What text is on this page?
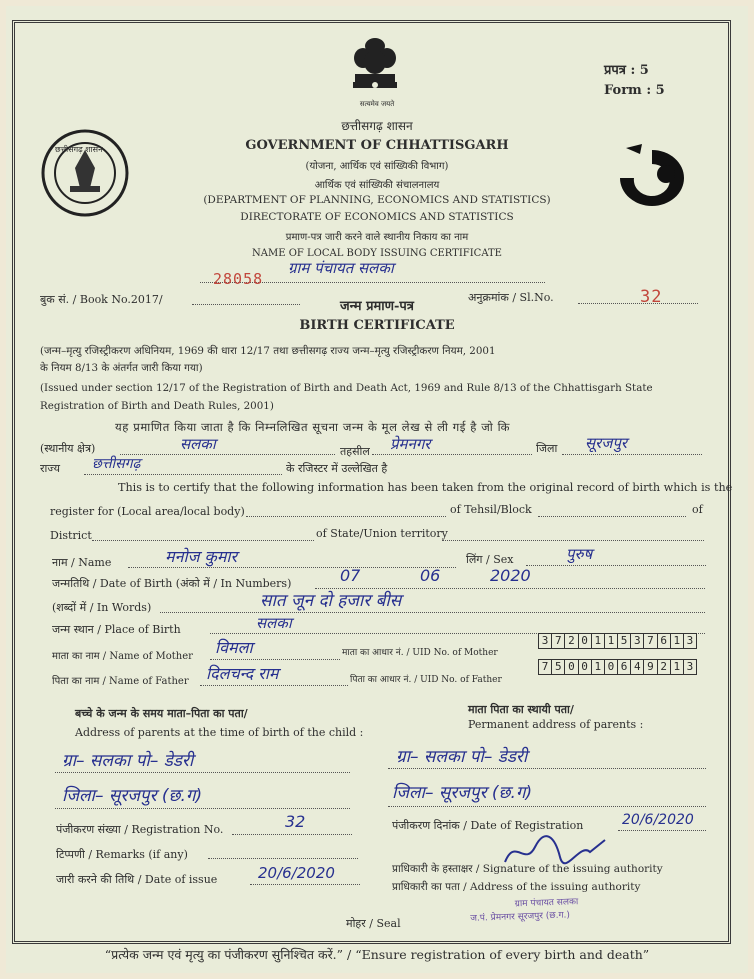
सत्यमेव जयते
प्रपत्र : 5
Form : 5
छत्तीसगढ़ शासन
छत्तीसगढ़ शासन
GOVERNMENT OF CHHATTISGARH
(योजना, आर्थिक एवं सांख्यिकी विभाग)
आर्थिक एवं सांख्यिकी संचालनालय
(DEPARTMENT OF PLANNING, ECONOMICS AND STATISTICS)
DIRECTORATE OF ECONOMICS AND STATISTICS
प्रमाण-पत्र जारी करने वाले स्थानीय निकाय का नाम
NAME OF LOCAL BODY ISSUING CERTIFICATE
28058
ग्राम पंचायत सलका
बुक सं. / Book No.2017/	जन्म प्रमाण-पत्र
BIRTH CERTIFICATE
अनुक्रमांक / Sl.No.	32
(जन्म–मृत्यु रजिस्ट्रीकरण अधिनियम, 1969 की धारा 12/17 तथा छत्तीसगढ़ राज्य जन्म–मृत्यु रजिस्ट्रीकरण नियम, 2001
के नियम 8/13 के अंतर्गत जारी किया गया)
(Issued under section 12/17 of the Registration of Birth and Death Act, 1969 and Rule 8/13 of the Chhattisgarh State
Registration of Birth and Death Rules, 2001)
यह प्रमाणित किया जाता है कि निम्नलिखित सूचना जन्म के मूल लेख से ली गई है जो कि
(स्थानीय क्षेत्र)	सलका	तहसील प्रेमनगर	जिला सूरजपुर
राज्य छत्तीसगढ़	के रजिस्टर में उल्लेखित है
This is to certify that the following information has been taken from the original record of birth which is the
register for (Local area/local body)	of Tehsil/Block	of
District	of State/Union territory
नाम / Name	मनोज कुमार	लिंग / Sex	पुरुष
जन्मतिथि / Date of Birth (अंको में / In Numbers)	07	06	2020
(शब्दों में / In Words)	सात जून दो हजार बीस
जन्म स्थान / Place of Birth	सलका
माता का नाम / Name of Mother विमला	माता का आधार नं. / UID No. of Mother
3 7 2 0 1 1 5 3 7 6 1 3
पिता का नाम / Name of Father दिलचन्द राम	पिता का आधार नं. / UID No. of Father
7 5 0 0 1 0 6 4 9 2 1 3
बच्चे के जन्म के समय माता–पिता का पता/
Address of parents at the time of birth of the child :
माता पिता का स्थायी पता/
Permanent address of parents :
ग्रा– सलका पो– डेडरी
जिला– सूरजपुर (छ.ग)
ग्रा– सलका पो– डेडरी
जिला– सूरजपुर (छ.ग)
पंजीकरण संख्या / Registration No.	32	पंजीकरण दिनांक / Date of Registration	20/6/2020
टिप्पणी / Remarks (if any)
जारी करने की तिथि / Date of issue	20/6/2020	प्राधिकारी के हस्ताक्षर / Signature of the issuing authority
प्राधिकारी का पता / Address of the issuing authority
ग्राम पंचायत सलका
ज.पं. प्रेमनगर सूरजपुर (छ.ग.)
मोहर / Seal
“प्रत्येक जन्म एवं मृत्यु का पंजीकरण सुनिश्चित करें.” / “Ensure registration of every birth and death”
